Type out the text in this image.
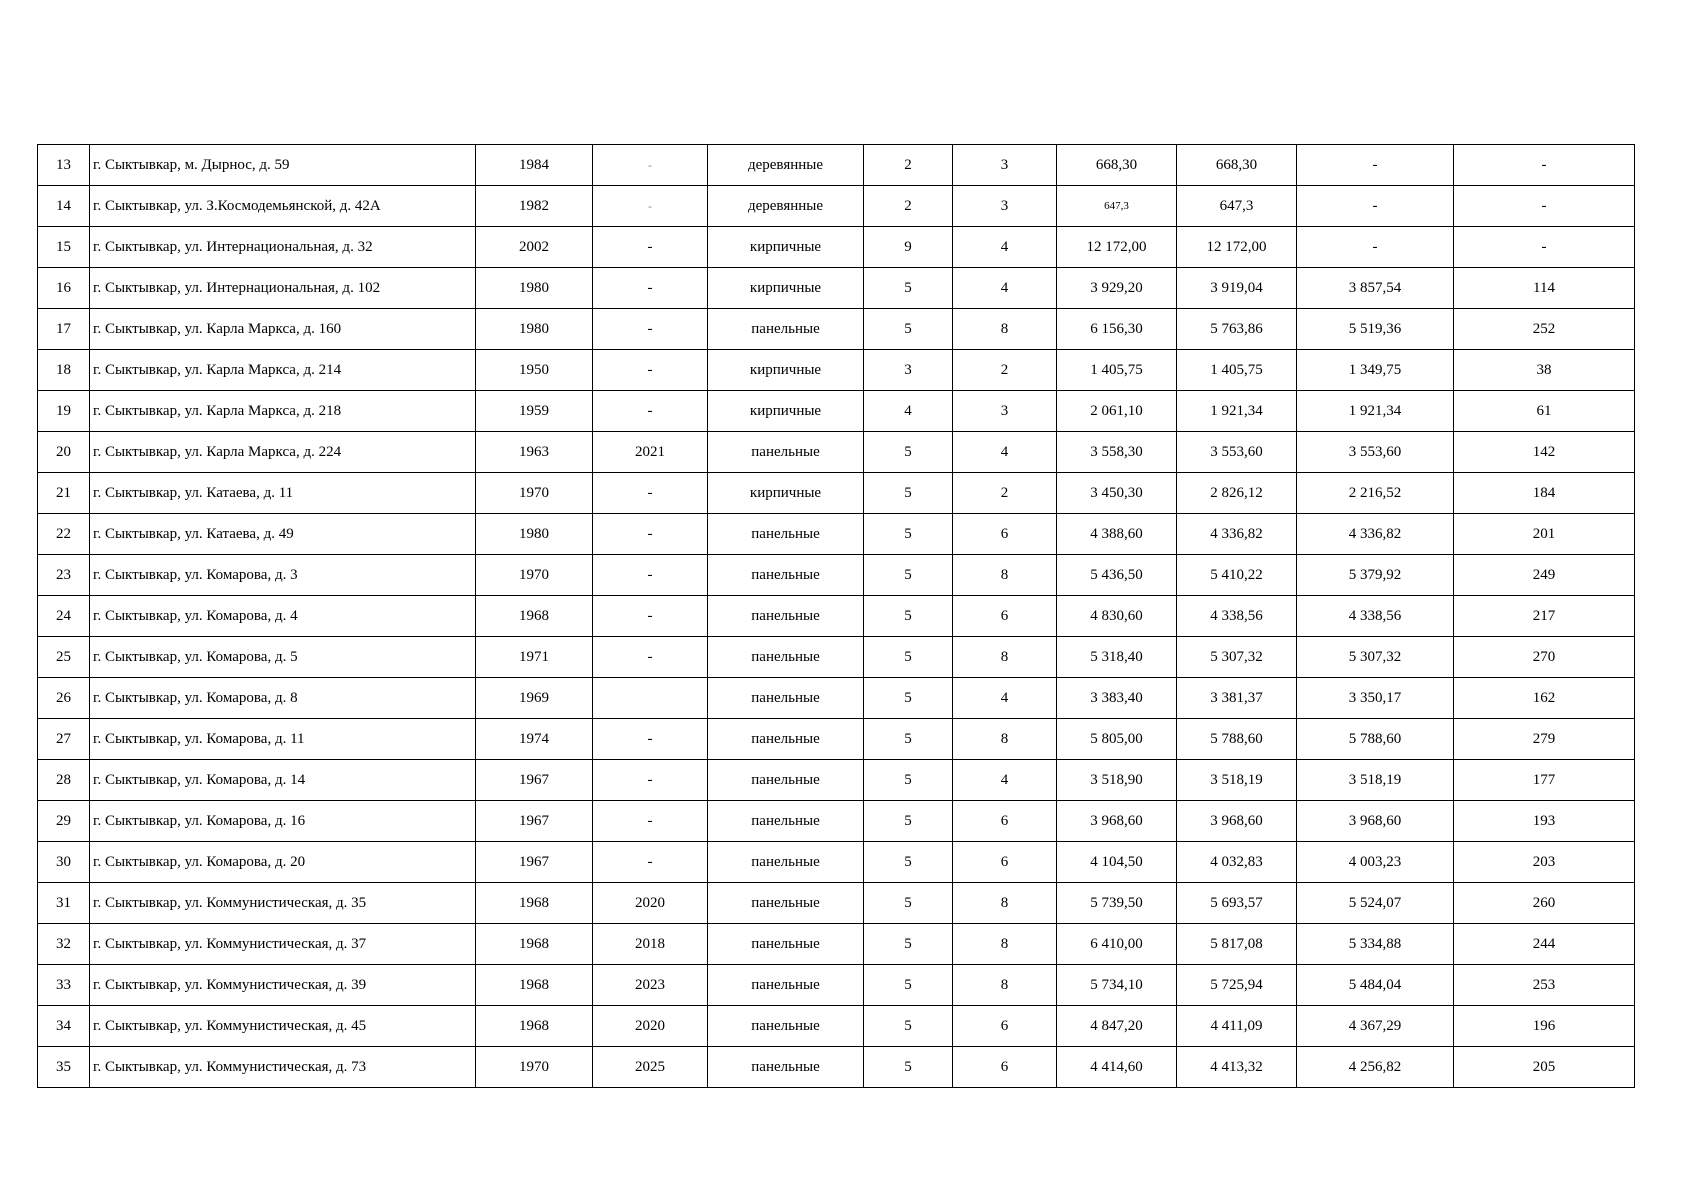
13	г. Сыктывкар, м. Дырнос, д. 59	1984	-	деревянные	2	3	668,30	668,30	-	-
14	г. Сыктывкар, ул. З.Космодемьянской, д. 42А	1982	-	деревянные	2	3	647,3	647,3	-	-
15	г. Сыктывкар, ул. Интернациональная, д. 32	2002	-	кирпичные	9	4	12 172,00	12 172,00	-	-
16	г. Сыктывкар, ул. Интернациональная, д. 102	1980	-	кирпичные	5	4	3 929,20	3 919,04	3 857,54	114
17	г. Сыктывкар, ул. Карла Маркса, д. 160	1980	-	панельные	5	8	6 156,30	5 763,86	5 519,36	252
18	г. Сыктывкар, ул. Карла Маркса, д. 214	1950	-	кирпичные	3	2	1 405,75	1 405,75	1 349,75	38
19	г. Сыктывкар, ул. Карла Маркса, д. 218	1959	-	кирпичные	4	3	2 061,10	1 921,34	1 921,34	61
20	г. Сыктывкар, ул. Карла Маркса, д. 224	1963	2021	панельные	5	4	3 558,30	3 553,60	3 553,60	142
21	г. Сыктывкар, ул. Катаева, д. 11	1970	-	кирпичные	5	2	3 450,30	2 826,12	2 216,52	184
22	г. Сыктывкар, ул. Катаева, д. 49	1980	-	панельные	5	6	4 388,60	4 336,82	4 336,82	201
23	г. Сыктывкар, ул. Комарова, д. 3	1970	-	панельные	5	8	5 436,50	5 410,22	5 379,92	249
24	г. Сыктывкар, ул. Комарова, д. 4	1968	-	панельные	5	6	4 830,60	4 338,56	4 338,56	217
25	г. Сыктывкар, ул. Комарова, д. 5	1971	-	панельные	5	8	5 318,40	5 307,32	5 307,32	270
26	г. Сыктывкар, ул. Комарова, д. 8	1969		панельные	5	4	3 383,40	3 381,37	3 350,17	162
27	г. Сыктывкар, ул. Комарова, д. 11	1974	-	панельные	5	8	5 805,00	5 788,60	5 788,60	279
28	г. Сыктывкар, ул. Комарова, д. 14	1967	-	панельные	5	4	3 518,90	3 518,19	3 518,19	177
29	г. Сыктывкар, ул. Комарова, д. 16	1967	-	панельные	5	6	3 968,60	3 968,60	3 968,60	193
30	г. Сыктывкар, ул. Комарова, д. 20	1967	-	панельные	5	6	4 104,50	4 032,83	4 003,23	203
31	г. Сыктывкар, ул. Коммунистическая, д. 35	1968	2020	панельные	5	8	5 739,50	5 693,57	5 524,07	260
32	г. Сыктывкар, ул. Коммунистическая, д. 37	1968	2018	панельные	5	8	6 410,00	5 817,08	5 334,88	244
33	г. Сыктывкар, ул. Коммунистическая, д. 39	1968	2023	панельные	5	8	5 734,10	5 725,94	5 484,04	253
34	г. Сыктывкар, ул. Коммунистическая, д. 45	1968	2020	панельные	5	6	4 847,20	4 411,09	4 367,29	196
35	г. Сыктывкар, ул. Коммунистическая, д. 73	1970	2025	панельные	5	6	4 414,60	4 413,32	4 256,82	205
